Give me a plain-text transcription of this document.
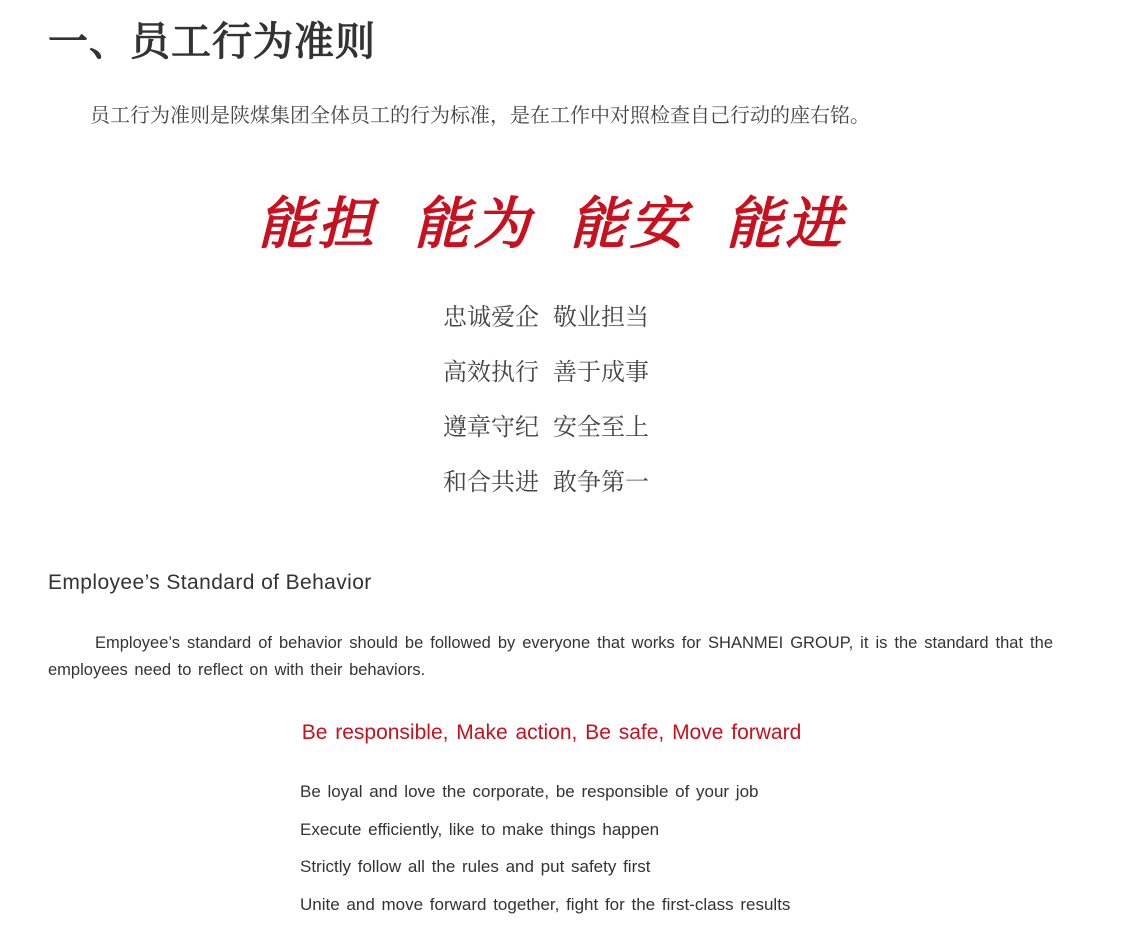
一、员工行为准则

员工行为准则是陕煤集团全体员工的行为标准，是在工作中对照检查自己行动的座右铭。

能担 能为 能安 能进
忠诚爱企 敬业担当
高效执行 善于成事
遵章守纪 安全至上
和合共进 敢争第一
Employee’s Standard of Behavior

Employee’s standard of behavior should be followed by everyone that works for SHANMEI GROUP, it is the standard that the employees need to reflect on with their behaviors.

Be responsible, Make action, Be safe, Move forward

Be loyal and love the corporate, be responsible of your job
Execute efficiently, like to make things happen
Strictly follow all the rules and put safety first
Unite and move forward together, fight for the first-class results
